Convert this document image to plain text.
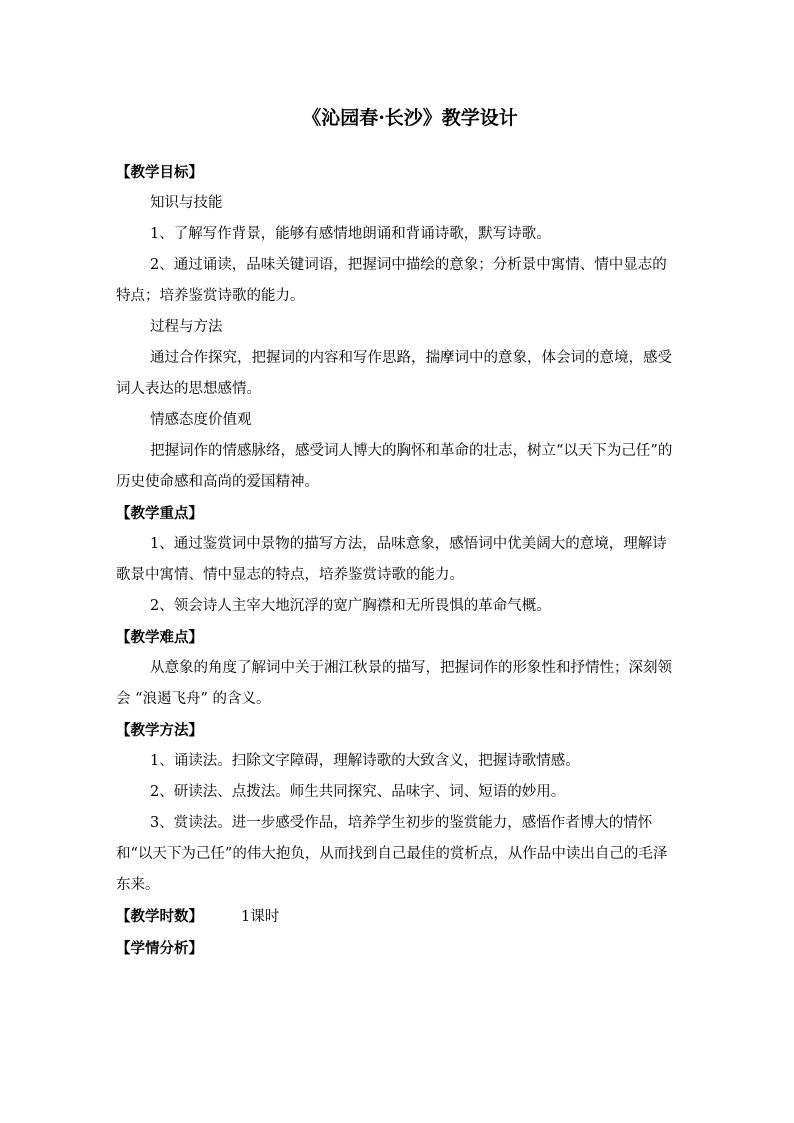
《沁园春·长沙》教学设计

【教学目标】

知识与技能

1、了解写作背景，能够有感情地朗诵和背诵诗歌，默写诗歌。

2、通过诵读，品味关键词语，把握词中描绘的意象；分析景中寓情、情中显志的特点；培养鉴赏诗歌的能力。

过程与方法

通过合作探究，把握词的内容和写作思路，揣摩词中的意象，体会词的意境，感受词人表达的思想感情。

情感态度价值观

把握词作的情感脉络，感受词人博大的胸怀和革命的壮志，树立“以天下为己任”的历史使命感和高尚的爱国精神。

【教学重点】

1、通过鉴赏词中景物的描写方法，品味意象，感悟词中优美阔大的意境，理解诗歌景中寓情、情中显志的特点，培养鉴赏诗歌的能力。

2、领会诗人主宰大地沉浮的宽广胸襟和无所畏惧的革命气概。

【教学难点】

从意象的角度了解词中关于湘江秋景的描写，把握词作的形象性和抒情性；深刻领会 “浪遏飞舟” 的含义。

【教学方法】

1、诵读法。扫除文字障碍，理解诗歌的大致含义，把握诗歌情感。

2、研读法、点拨法。师生共同探究、品味字、词、短语的妙用。

3、赏读法。进一步感受作品，培养学生初步的鉴赏能力，感悟作者博大的情怀和“以天下为己任”的伟大抱负，从而找到自己最佳的赏析点，从作品中读出自己的毛泽东来。

【教学时数】	1课时

【学情分析】
